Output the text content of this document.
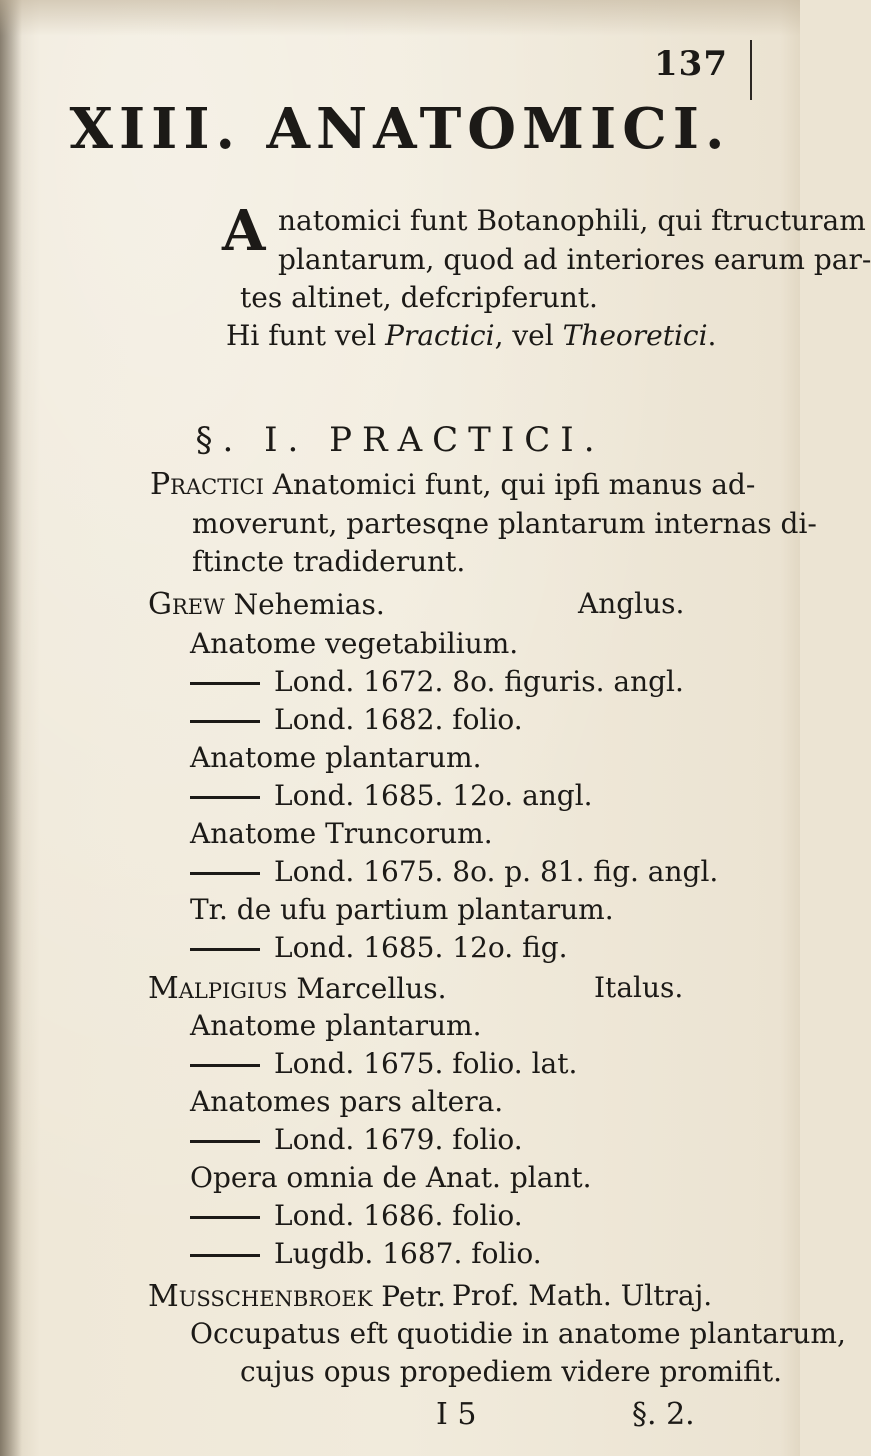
137
XIII. ANATOMICI.
A natomici funt Botanophili, qui ftructuram
plantarum, quod ad interiores earum par-
tes altinet, defcripferunt.
Hi funt vel Practici, vel Theoretici.
§. I. PRACTICI.
Practici Anatomici funt, qui ipfi manus ad-
moverunt, partesqne plantarum internas di-
ftincte tradiderunt.
Grew Nehemias.	Anglus.
Anatome vegetabilium.
Lond. 1672. 8o. figuris. angl.
Lond. 1682. folio.
Anatome plantarum.
Lond. 1685. 12o. angl.
Anatome Truncorum.
Lond. 1675. 8o. p. 81. fig. angl.
Tr. de ufu partium plantarum.
Lond. 1685. 12o. fig.
Malpigius Marcellus.	Italus.
Anatome plantarum.
Lond. 1675. folio. lat.
Anatomes pars altera.
Lond. 1679. folio.
Opera omnia de Anat. plant.
Lond. 1686. folio.
Lugdb. 1687. folio.
Musschenbroek Petr. Prof. Math. Ultraj.
Occupatus eft quotidie in anatome plantarum,
cujus opus propediem videre promifit.
I 5	§. 2.
